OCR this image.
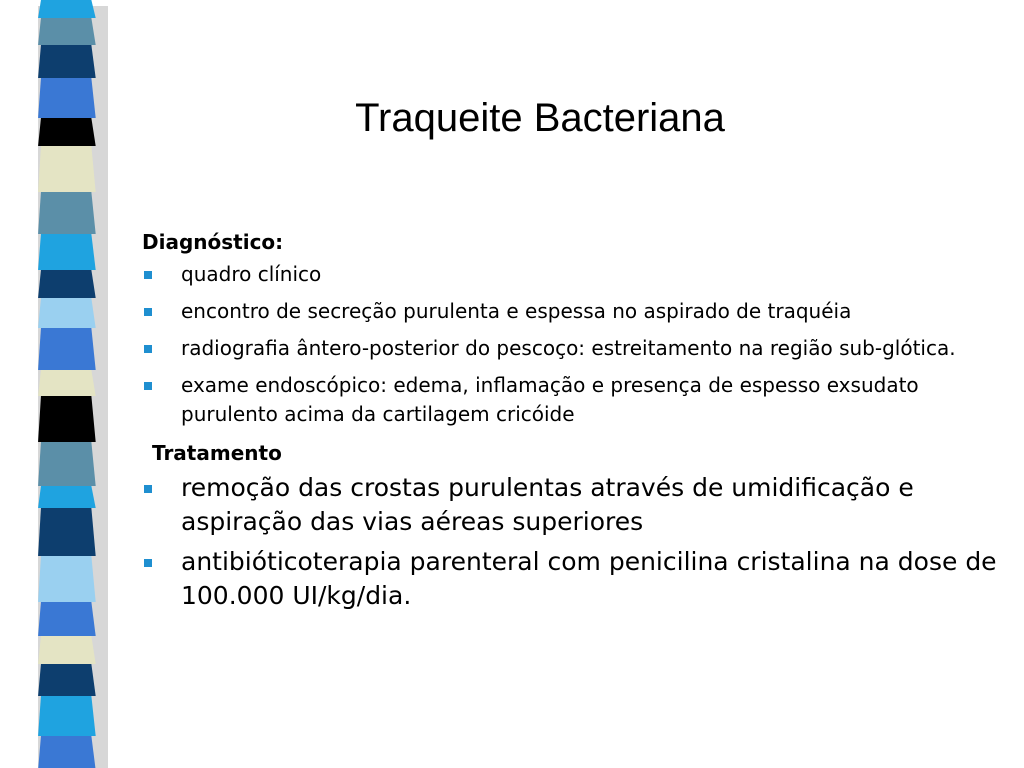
Traqueite Bacteriana
Diagnóstico:
quadro clínico
encontro de secreção purulenta e espessa no aspirado de traquéia
radiografia ântero-posterior do pescoço: estreitamento na região sub-glótica.
exame endoscópico: edema, inflamação e presença de espesso exsudato purulento acima da cartilagem cricóide
Tratamento
remoção das crostas purulentas através de umidificação e aspiração das vias aéreas superiores
antibióticoterapia parenteral com penicilina cristalina na dose de 100.000 UI/kg/dia.
